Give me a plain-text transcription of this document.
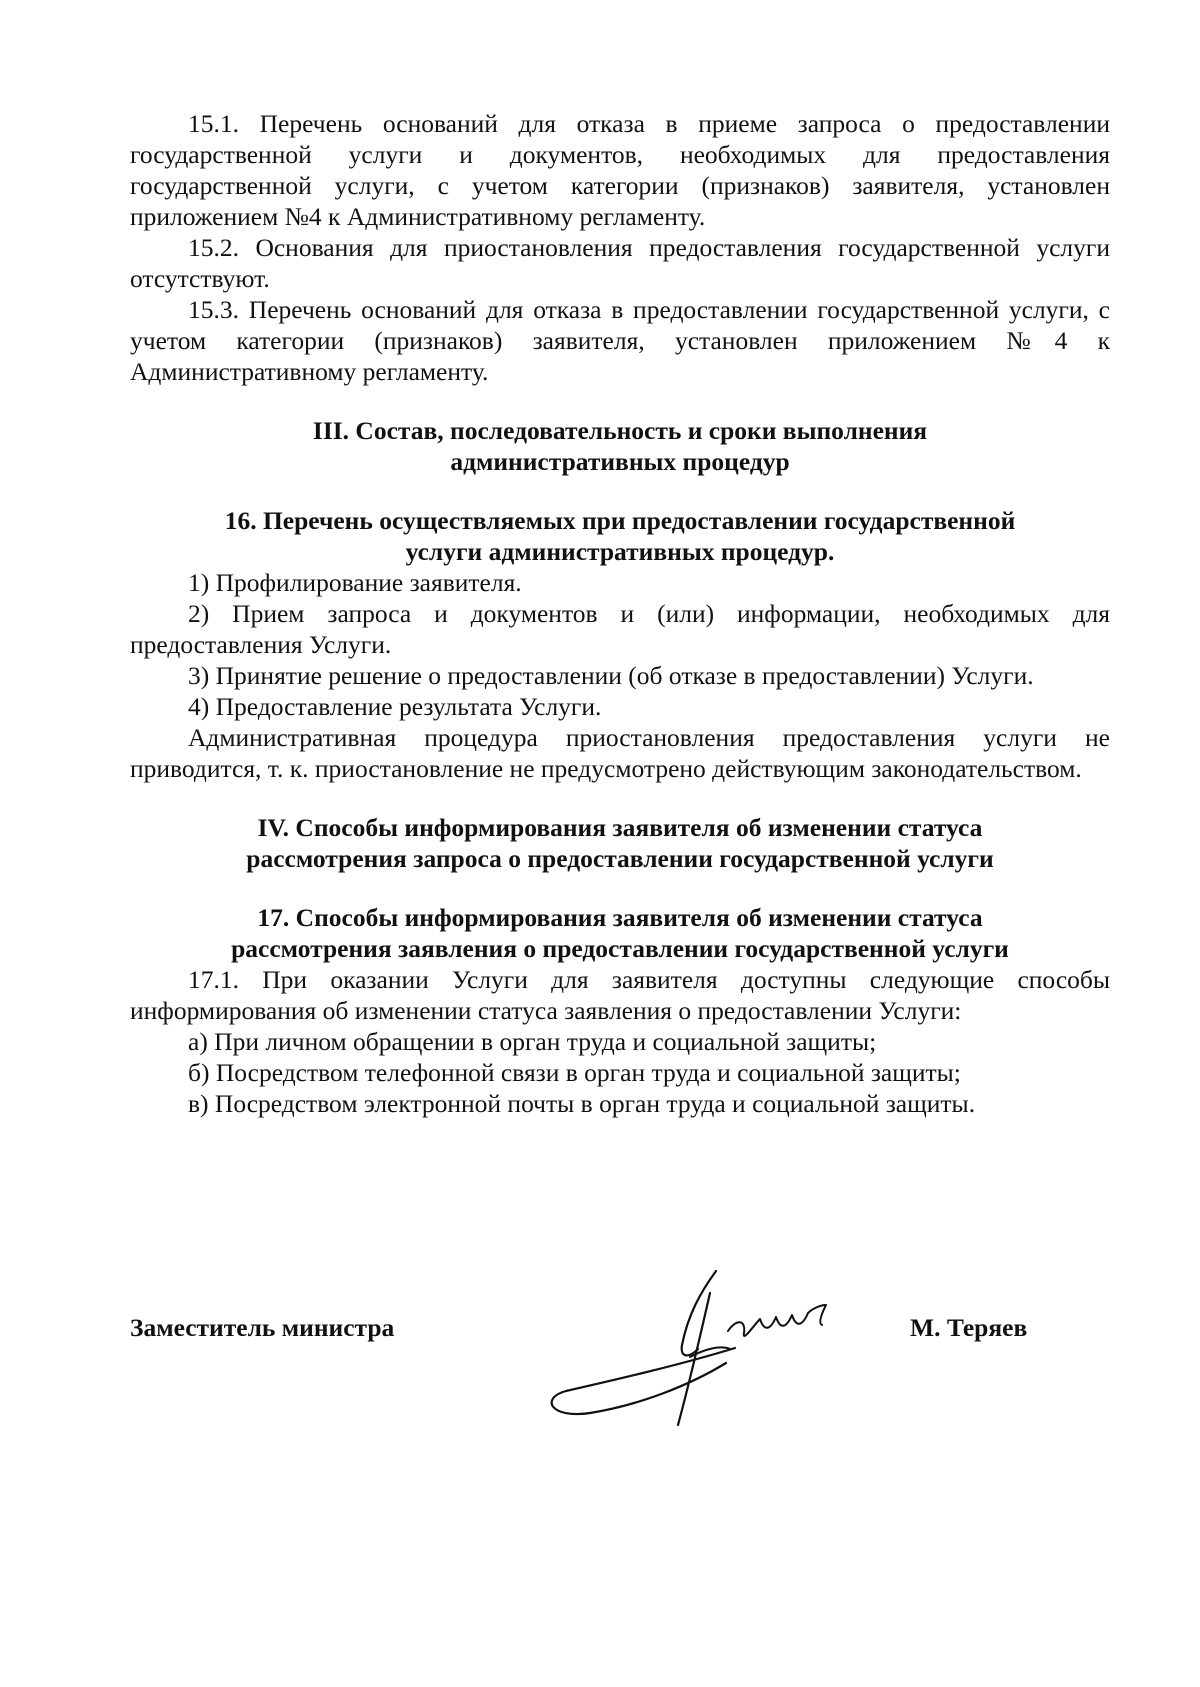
15.1. Перечень оснований для отказа в приеме запроса о предоставлении государственной услуги и документов, необходимых для предоставления государственной услуги, с учетом категории (признаков) заявителя, установлен приложением №4 к Административному регламенту.

15.2. Основания для приостановления предоставления государственной услуги отсутствуют.

15.3. Перечень оснований для отказа в предоставлении государственной услуги, с учетом категории (признаков) заявителя, установлен приложением №4 к Административному регламенту.

III. Состав, последовательность и сроки выполнения

административных процедур

16. Перечень осуществляемых при предоставлении государственной

услуги административных процедур.

1) Профилирование заявителя.

2) Прием запроса и документов и (или) информации, необходимых для предоставления Услуги.

3) Принятие решение о предоставлении (об отказе в предоставлении) Услуги.

4) Предоставление результата Услуги.

Административная процедура приостановления предоставления услуги не приводится, т. к. приостановление не предусмотрено действующим законодательством.

IV. Способы информирования заявителя об изменении статуса

рассмотрения запроса о предоставлении государственной услуги

17. Способы информирования заявителя об изменении статуса

рассмотрения заявления о предоставлении государственной услуги

17.1. При оказании Услуги для заявителя доступны следующие способы информирования об изменении статуса заявления о предоставлении Услуги:

а) При личном обращении в орган труда и социальной защиты;

б) Посредством телефонной связи в орган труда и социальной защиты;

в) Посредством электронной почты в орган труда и социальной защиты.

Заместитель министра	М. Теряев
